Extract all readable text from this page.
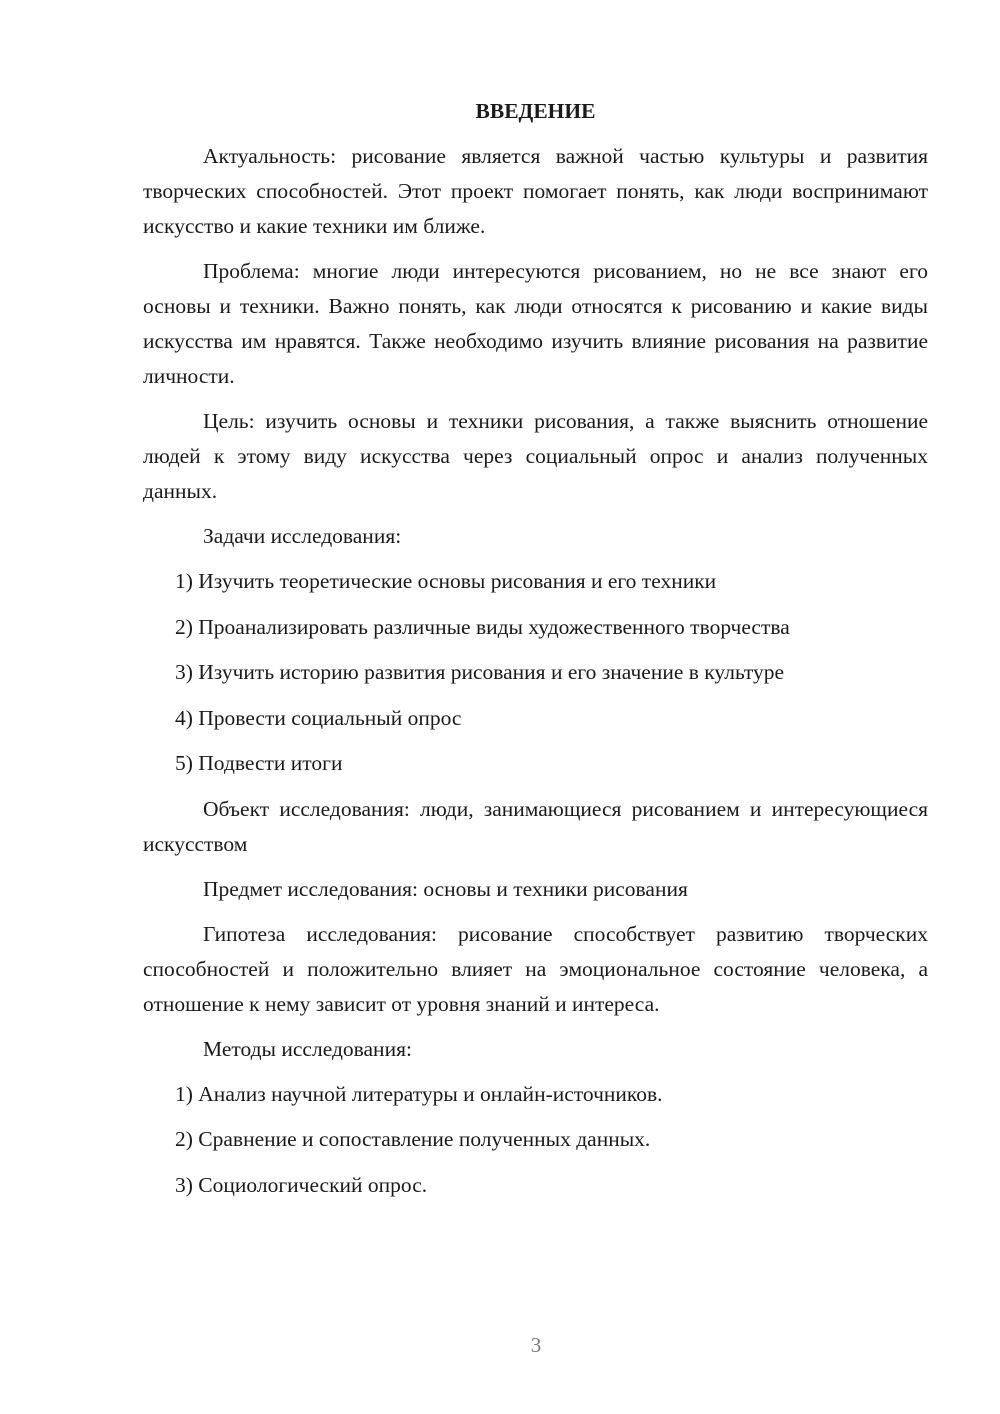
ВВЕДЕНИЕ

Актуальность: рисование является важной частью культуры и развития творческих способностей. Этот проект помогает понять, как люди воспринимают искусство и какие техники им ближе.

Проблема: многие люди интересуются рисованием, но не все знают его основы и техники. Важно понять, как люди относятся к рисованию и какие виды искусства им нравятся. Также необходимо изучить влияние рисования на развитие личности.

Цель: изучить основы и техники рисования, а также выяснить отношение людей к этому виду искусства через социальный опрос и анализ полученных данных.

Задачи исследования:

1) Изучить теоретические основы рисования и его техники

2) Проанализировать различные виды художественного творчества

3) Изучить историю развития рисования и его значение в культуре

4) Провести социальный опрос

5) Подвести итоги

Объект исследования: люди, занимающиеся рисованием и интересующиеся искусством

Предмет исследования: основы и техники рисования

Гипотеза исследования: рисование способствует развитию творческих способностей и положительно влияет на эмоциональное состояние человека, а отношение к нему зависит от уровня знаний и интереса.

Методы исследования:

1) Анализ научной литературы и онлайн-источников.

2) Сравнение и сопоставление полученных данных.

3) Социологический опрос.

3
